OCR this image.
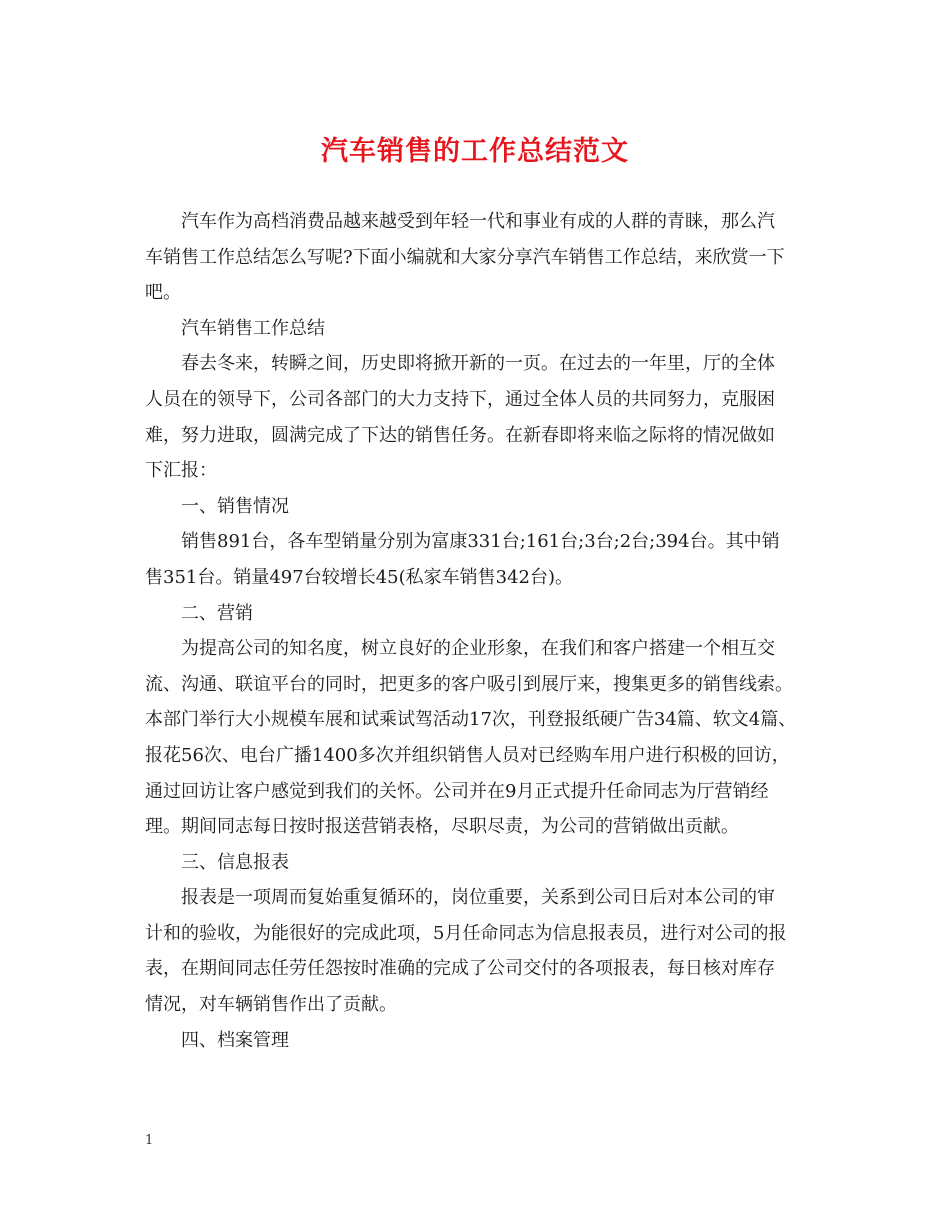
汽车销售的工作总结范文
汽车作为高档消费品越来越受到年轻一代和事业有成的人群的青睐，那么汽
车销售工作总结怎么写呢?下面小编就和大家分享汽车销售工作总结，来欣赏一下
吧。
汽车销售工作总结
春去冬来，转瞬之间，历史即将掀开新的一页。在过去的一年里，厅的全体
人员在的领导下，公司各部门的大力支持下，通过全体人员的共同努力，克服困
难，努力进取，圆满完成了下达的销售任务。在新春即将来临之际将的情况做如
下汇报：
一、销售情况
销售891台，各车型销量分别为富康331台;161台;3台;2台;394台。其中销
售351台。销量497台较增长45(私家车销售342台)。
二、营销
为提高公司的知名度，树立良好的企业形象，在我们和客户搭建一个相互交
流、沟通、联谊平台的同时，把更多的客户吸引到展厅来，搜集更多的销售线索。
本部门举行大小规模车展和试乘试驾活动17次，刊登报纸硬广告34篇、软文4篇、
报花56次、电台广播1400多次并组织销售人员对已经购车用户进行积极的回访，
通过回访让客户感觉到我们的关怀。公司并在9月正式提升任命同志为厅营销经
理。期间同志每日按时报送营销表格，尽职尽责，为公司的营销做出贡献。
三、信息报表
报表是一项周而复始重复循环的，岗位重要，关系到公司日后对本公司的审
计和的验收，为能很好的完成此项，5月任命同志为信息报表员，进行对公司的报
表，在期间同志任劳任怨按时准确的完成了公司交付的各项报表，每日核对库存
情况，对车辆销售作出了贡献。
四、档案管理
1
